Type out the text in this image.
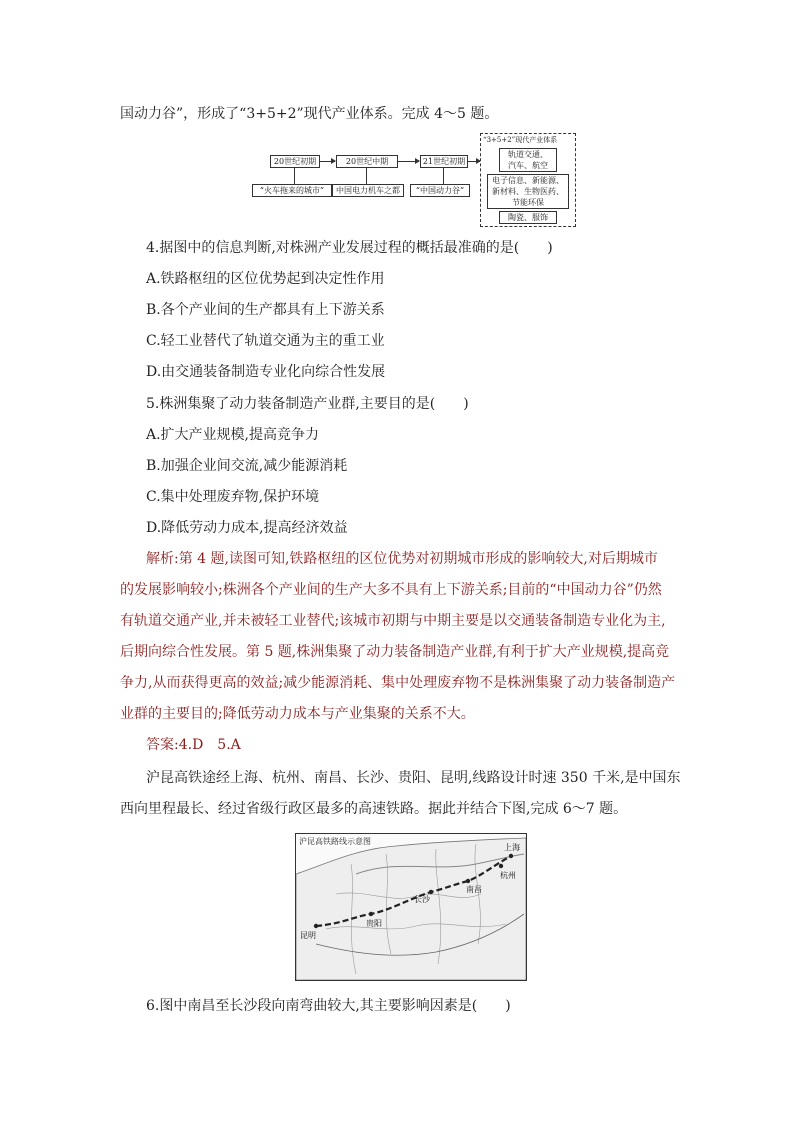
国动力谷”，形成了“3+5+2”现代产业体系。完成 4～5 题。
20世纪初期	20世纪中期	21世纪初期
“火车拖来的城市”	中国电力机车之都	“中国动力谷”
“3+5+2”现代产业体系
轨道交通、
汽车、航空
电子信息、新能源、
新材料、生物医药、
节能环保
陶瓷、服饰
4.据图中的信息判断,对株洲产业发展过程的概括最准确的是(　　)
A.铁路枢纽的区位优势起到决定性作用
B.各个产业间的生产都具有上下游关系
C.轻工业替代了轨道交通为主的重工业
D.由交通装备制造专业化向综合性发展
5.株洲集聚了动力装备制造产业群,主要目的是(　　)
A.扩大产业规模,提高竞争力
B.加强企业间交流,减少能源消耗
C.集中处理废弃物,保护环境
D.降低劳动力成本,提高经济效益
解析:第 4 题,读图可知,铁路枢纽的区位优势对初期城市形成的影响较大,对后期城市
的发展影响较小;株洲各个产业间的生产大多不具有上下游关系;目前的“中国动力谷”仍然
有轨道交通产业,并未被轻工业替代;该城市初期与中期主要是以交通装备制造专业化为主,
后期向综合性发展。第 5 题,株洲集聚了动力装备制造产业群,有利于扩大产业规模,提高竞
争力,从而获得更高的效益;减少能源消耗、集中处理废弃物不是株洲集聚了动力装备制造产
业群的主要目的;降低劳动力成本与产业集聚的关系不大。
答案:4.D　5.A
沪昆高铁途经上海、杭州、南昌、长沙、贵阳、昆明,线路设计时速 350 千米,是中国东
西向里程最长、经过省级行政区最多的高速铁路。据此并结合下图,完成 6～7 题。
沪昆高铁路线示意图
上海
杭州
南昌
长沙
贵阳
昆明
6.图中南昌至长沙段向南弯曲较大,其主要影响因素是(　　)
